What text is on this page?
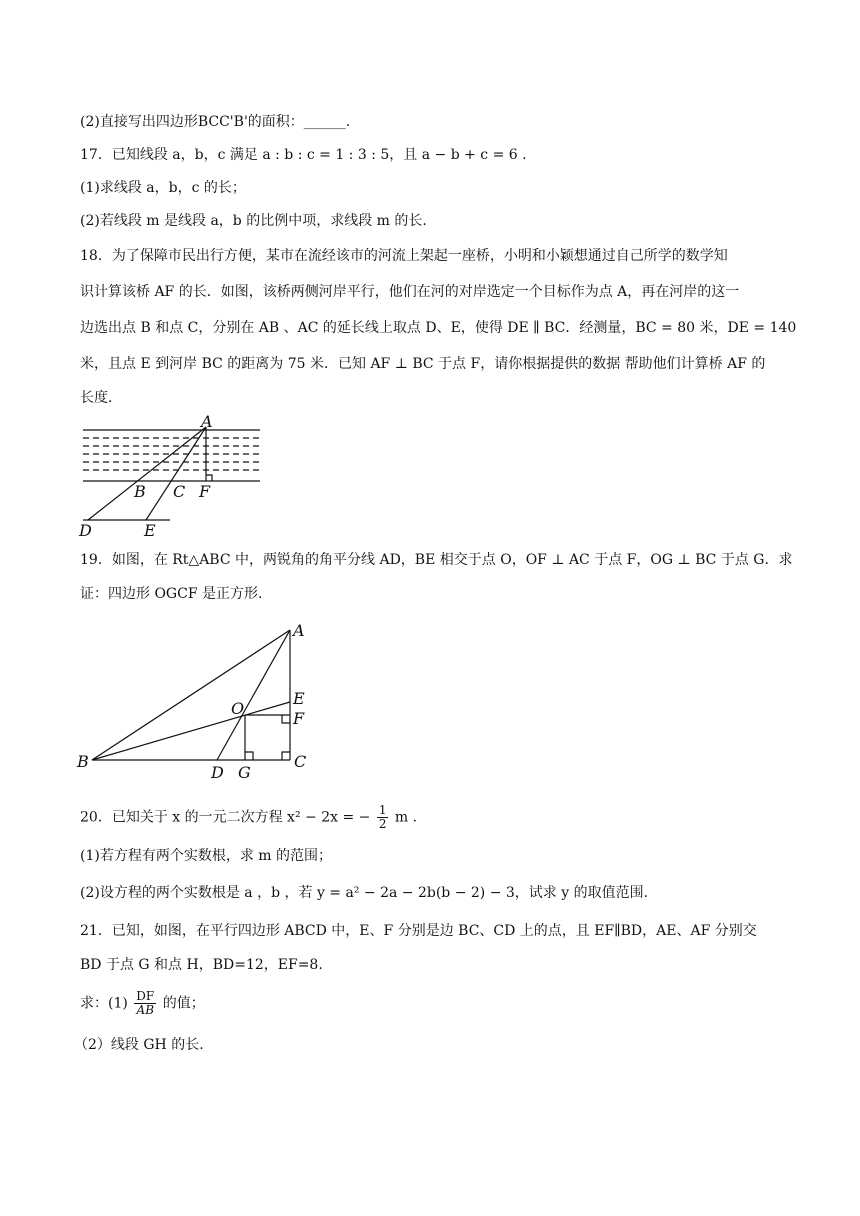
(2)直接写出四边形BCC'B'的面积：______.
17．已知线段 a，b，c 满足 a : b : c = 1 : 3 : 5，且 a − b + c = 6 .
(1)求线段 a，b，c 的长；
(2)若线段 m 是线段 a，b 的比例中项，求线段 m 的长.
18．为了保障市民出行方便，某市在流经该市的河流上架起一座桥，小明和小颖想通过自己所学的数学知
识计算该桥 AF 的长．如图，该桥两侧河岸平行，他们在河的对岸选定一个目标作为点 A，再在河岸的这一
边选出点 B 和点 C，分别在 AB 、AC 的延长线上取点 D、E，使得 DE ∥ BC．经测量，BC = 80 米，DE = 140
米，且点 E 到河岸 BC 的距离为 75 米．已知 AF ⊥ BC 于点 F，请你根据提供的数据 帮助他们计算桥 AF 的
长度.
A
B C F
D	E
19．如图，在 Rt△ABC 中，两锐角的角平分线 AD，BE 相交于点 O，OF ⊥ AC 于点 F，OG ⊥ BC 于点 G．求
证：四边形 OGCF 是正方形.
A
B	C
D G
E
F
O
20．已知关于 x 的一元二次方程 x² − 2x = − $\frac{1}{2}$ m .
(1)若方程有两个实数根，求 m 的范围；
(2)设方程的两个实数根是 a ，b ，若 y = a² − 2a − 2b(b − 2) − 3，试求 y 的取值范围.
21．已知，如图，在平行四边形 ABCD 中，E、F 分别是边 BC、CD 上的点，且 EF∥BD，AE、AF 分别交
BD 于点 G 和点 H，BD=12，EF=8.
求：$(1) \frac{DF}{AB}$ 的值；
（2）线段 GH 的长.
